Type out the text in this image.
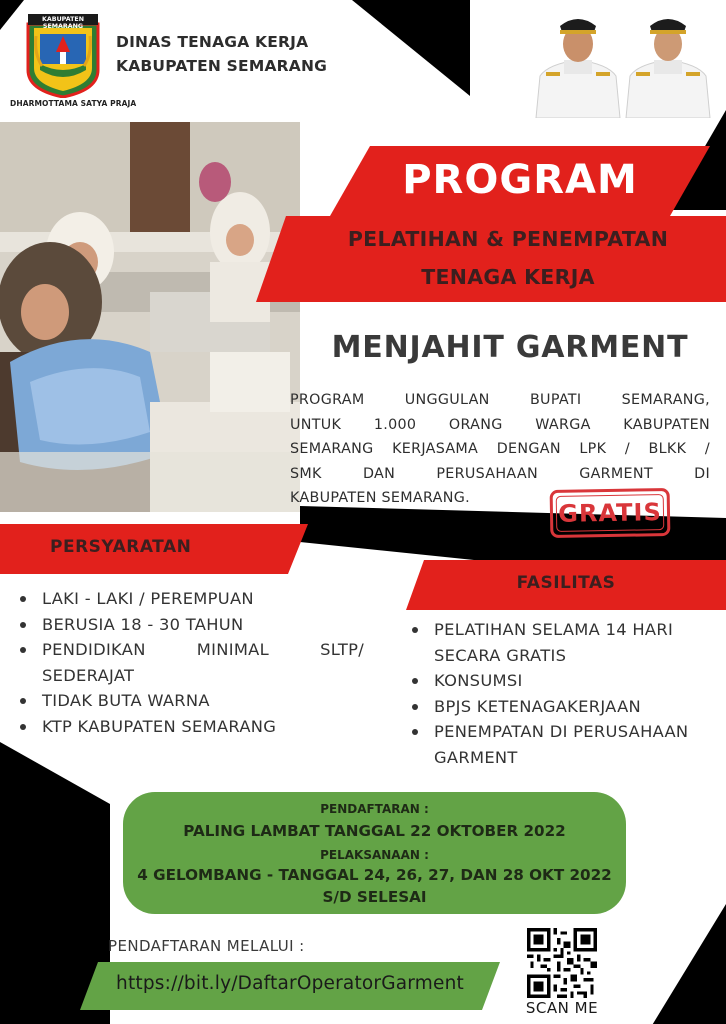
KABUPATEN SEMARANG
DHARMOTTAMA SATYA PRAJA
DINAS TENAGA KERJA
KABUPATEN SEMARANG
PROGRAM
PELATIHAN & PENEMPATAN
TENAGA KERJA
MENJAHIT GARMENT
PROGRAM UNGGULAN BUPATI SEMARANG,
UNTUK 1.000 ORANG WARGA KABUPATEN
SEMARANG KERJASAMA DENGAN LPK / BLKK /
SMK DAN PERUSAHAAN GARMENT DI
KABUPATEN SEMARANG.	GRATIS
PERSYARATAN
LAKI - LAKI / PEREMPUAN
BERUSIA 18 - 30 TAHUN
PENDIDIKAN MINIMAL SLTP/ SEDERAJAT
TIDAK BUTA WARNA
KTP KABUPATEN SEMARANG
FASILITAS
PELATIHAN SELAMA 14 HARI SECARA GRATIS
KONSUMSI
BPJS KETENAGAKERJAAN
PENEMPATAN DI PERUSAHAAN GARMENT
PENDAFTARAN :
PALING LAMBAT TANGGAL 22 OKTOBER 2022
PELAKSANAAN :
4 GELOMBANG - TANGGAL 24, 26, 27, DAN 28 OKT 2022
S/D SELESAI
PENDAFTARAN MELALUI :
https://bit.ly/DaftarOperatorGarment
SCAN ME
